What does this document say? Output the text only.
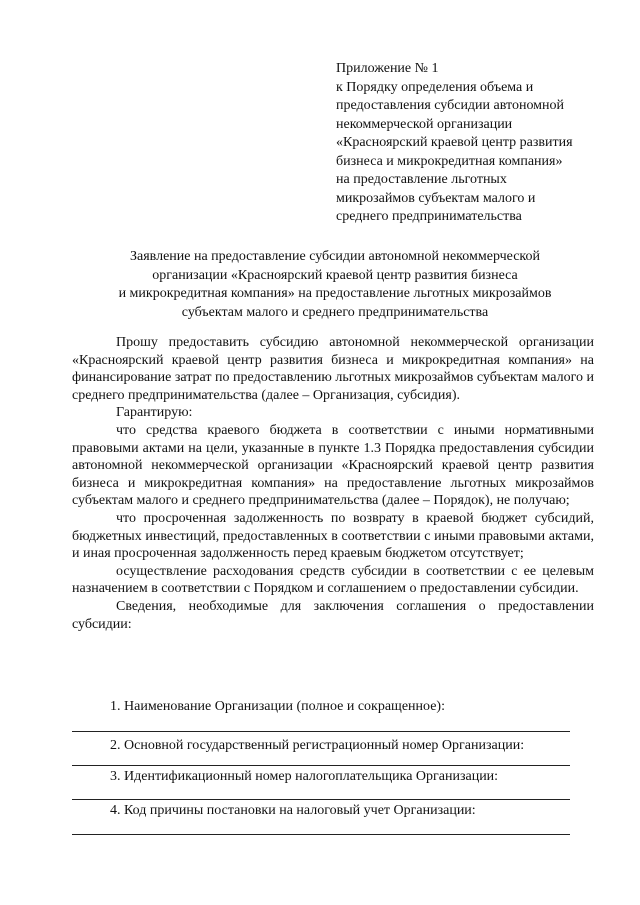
Приложение № 1
к Порядку определения объема и
предоставления субсидии автономной
некоммерческой организации
«Красноярский краевой центр развития
бизнеса и микрокредитная компания»
на предоставление льготных
микрозаймов субъектам малого и
среднего предпринимательства
Заявление на предоставление субсидии автономной некоммерческой
организации «Красноярский краевой центр развития бизнеса
и микрокредитная компания» на предоставление льготных микрозаймов
субъектам малого и среднего предпринимательства

Прошу предоставить субсидию автономной некоммерческой организации «Красноярский краевой центр развития бизнеса и микрокредитная компания» на финансирование затрат по предоставлению льготных микрозаймов субъектам малого и среднего предпринимательства (далее – Организация, субсидия).

Гарантирую:

что средства краевого бюджета в соответствии с иными нормативными правовыми актами на цели, указанные в пункте 1.3 Порядка предоставления субсидии автономной некоммерческой организации «Красноярский краевой центр развития бизнеса и микрокредитная компания» на предоставление льготных микрозаймов субъектам малого и среднего предпринимательства (далее – Порядок), не получаю;

что просроченная задолженность по возврату в краевой бюджет субсидий, бюджетных инвестиций, предоставленных в соответствии с иными правовыми актами, и иная просроченная задолженность перед краевым бюджетом отсутствует;

осуществление расходования средств субсидии в соответствии с ее целевым назначением в соответствии с Порядком и соглашением о предоставлении субсидии.

Сведения, необходимые для заключения соглашения о предоставлении субсидии:

1. Наименование Организации (полное и сокращенное):
2. Основной государственный регистрационный номер Организации:
3. Идентификационный номер налогоплательщика Организации:
4. Код причины постановки на налоговый учет Организации:
